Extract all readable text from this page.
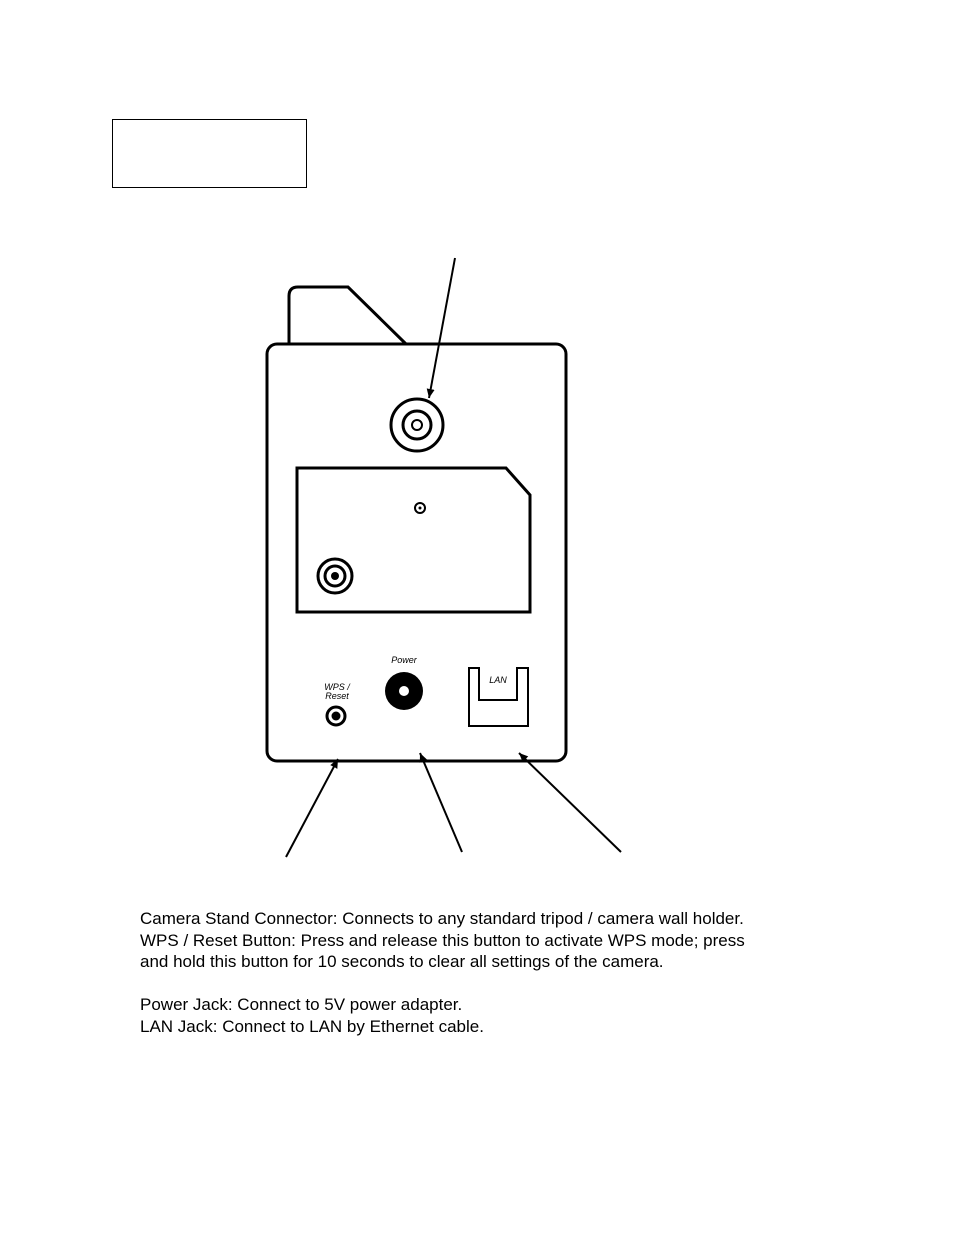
WPS /
Reset
Power
LAN

Camera Stand Connector: Connects to any standard tripod / camera wall holder.

WPS / Reset Button: Press and release this button to activate WPS mode; press

and hold this button for 10 seconds to clear all settings of the camera.

Power Jack: Connect to 5V power adapter.

LAN Jack: Connect to LAN by Ethernet cable.
